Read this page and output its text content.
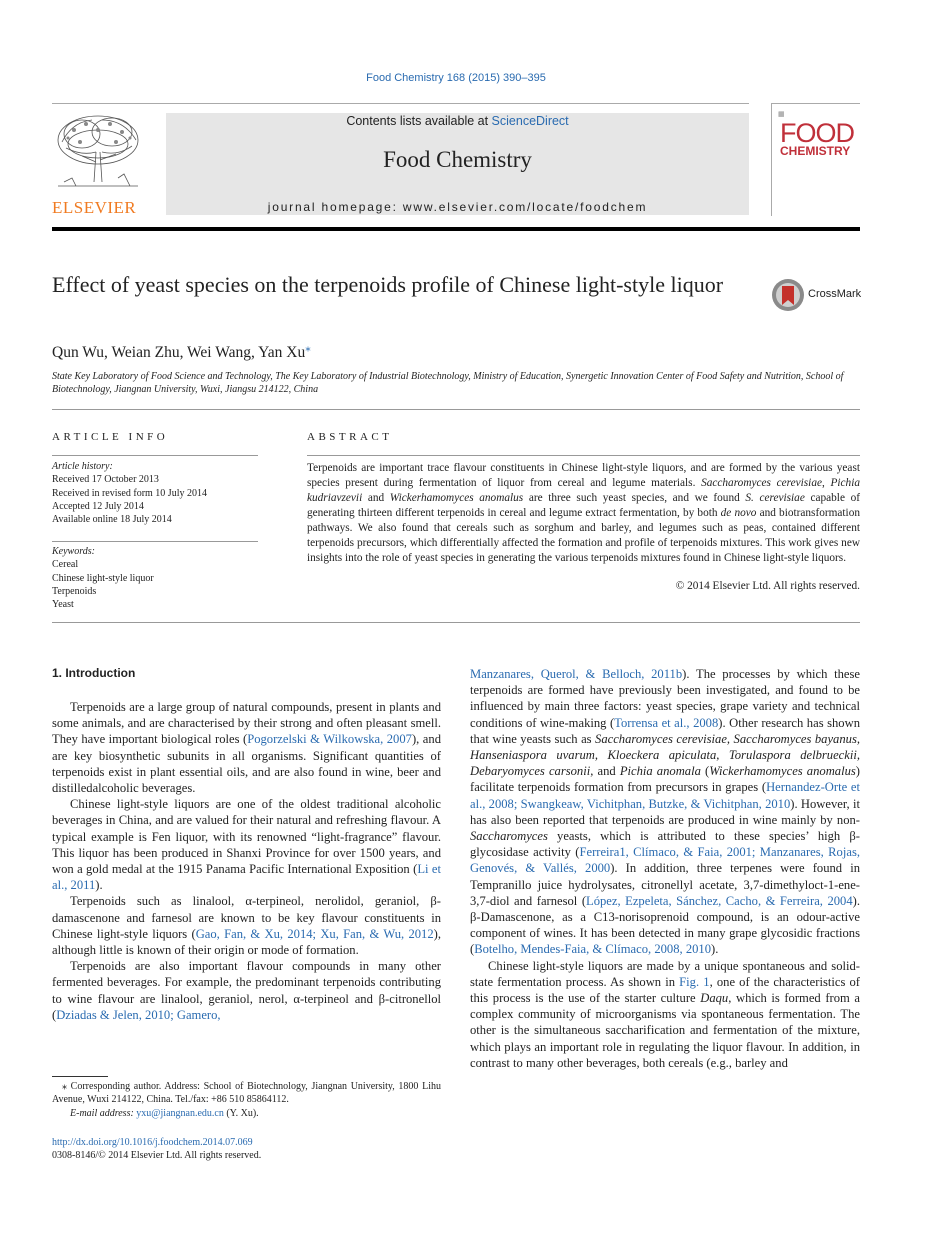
Food Chemistry 168 (2015) 390–395
ELSEVIER
Contents lists available at ScienceDirect
Food Chemistry
journal homepage: www.elsevier.com/locate/foodchem
▦
FOOD
CHEMISTRY
Effect of yeast species on the terpenoids profile of Chinese light-style liquor	CrossMark
Qun Wu, Weian Zhu, Wei Wang, Yan Xu⁎
State Key Laboratory of Food Science and Technology, The Key Laboratory of Industrial Biotechnology, Ministry of Education, Synergetic Innovation Center of Food Safety and Nutrition, School of Biotechnology, Jiangnan University, Wuxi, Jiangsu 214122, China
ARTICLE INFO
Article history:
Received 17 October 2013
Received in revised form 10 July 2014
Accepted 12 July 2014
Available online 18 July 2014
Keywords:
Cereal
Chinese light-style liquor
Terpenoids
Yeast
ABSTRACT
Terpenoids are important trace flavour constituents in Chinese light-style liquors, and are formed by the various yeast species present during fermentation of liquor from cereal and legume materials. Saccharomyces cerevisiae, Pichia kudriavzevii and Wickerhamomyces anomalus are three such yeast species, and we found S. cerevisiae capable of generating thirteen different terpenoids in cereal and legume extract fermentation, by both de novo and biotransformation pathways. We also found that cereals such as sorghum and barley, and legumes such as peas, contained different terpenoids precursors, which differentially affected the formation and profile of terpenoids mixtures. This work gives new insights into the role of yeast species in generating the various terpenoids mixtures found in Chinese light-style liquors.
© 2014 Elsevier Ltd. All rights reserved.
1. Introduction

Terpenoids are a large group of natural compounds, present in plants and some animals, and are characterised by their strong and often pleasant smell. They have important biological roles (Pogorzelski & Wilkowska, 2007), and are key biosynthetic subunits in all organisms. Significant quantities of terpenoids exist in plant essential oils, and are also found in wine, beer and distilledalcoholic beverages.

Chinese light-style liquors are one of the oldest traditional alcoholic beverages in China, and are valued for their natural and refreshing flavour. A typical example is Fen liquor, with its renowned “light-fragrance” flavour. This liquor has been produced in Shanxi Province for over 1500 years, and won a gold medal at the 1915 Panama Pacific International Exposition (Li et al., 2011).

Terpenoids such as linalool, α-terpineol, nerolidol, geraniol, β-damascenone and farnesol are known to be key flavour constituents in Chinese light-style liquors (Gao, Fan, & Xu, 2014; Xu, Fan, & Wu, 2012), although little is known of their origin or mode of formation.

Terpenoids are also important flavour compounds in many other fermented beverages. For example, the predominant terpenoids contributing to wine flavour are linalool, geraniol, nerol, α-terpineol and β-citronellol (Dziadas & Jelen, 2010; Gamero,

⁎ Corresponding author. Address: School of Biotechnology, Jiangnan University, 1800 Lihu Avenue, Wuxi 214122, China. Tel./fax: +86 510 85864112.

E-mail address: yxu@jiangnan.edu.cn (Y. Xu).

http://dx.doi.org/10.1016/j.foodchem.2014.07.069
0308-8146/© 2014 Elsevier Ltd. All rights reserved.

Manzanares, Querol, & Belloch, 2011b). The processes by which these terpenoids are formed have previously been investigated, and found to be influenced by main three factors: yeast species, grape variety and technical conditions of wine-making (Torrensa et al., 2008). Other research has shown that wine yeasts such as Saccharomyces cerevisiae, Saccharomyces bayanus, Hanseniaspora uvarum, Kloeckera apiculata, Torulaspora delbrueckii, Debaryomyces carsonii, and Pichia anomala (Wickerhamomyces anomalus) facilitate terpenoids formation from precursors in grapes (Hernandez-Orte et al., 2008; Swangkeaw, Vichitphan, Butzke, & Vichitphan, 2010). However, it has also been reported that terpenoids are produced in wine mainly by non-Saccharomyces yeasts, which is attributed to these species’ high β-glycosidase activity (Ferreira1, Clímaco, & Faia, 2001; Manzanares, Rojas, Genovés, & Vallés, 2000). In addition, three terpenes were found in Tempranillo juice hydrolysates, citronellyl acetate, 3,7-dimethyloct-1-ene-3,7-diol and farnesol (López, Ezpeleta, Sánchez, Cacho, & Ferreira, 2004). β-Damascenone, as a C13-norisoprenoid compound, is an odour-active component of wines. It has been detected in many grape glycosidic fractions (Botelho, Mendes-Faia, & Clímaco, 2008, 2010).

Chinese light-style liquors are made by a unique spontaneous and solid-state fermentation process. As shown in Fig. 1, one of the characteristics of this process is the use of the starter culture Daqu, which is formed from a complex community of microorganisms via spontaneous fermentation. The other is the simultaneous saccharification and fermentation of the mixture, which plays an important role in regulating the liquor flavour. In addition, in contrast to many other beverages, both cereals (e.g., barley and
